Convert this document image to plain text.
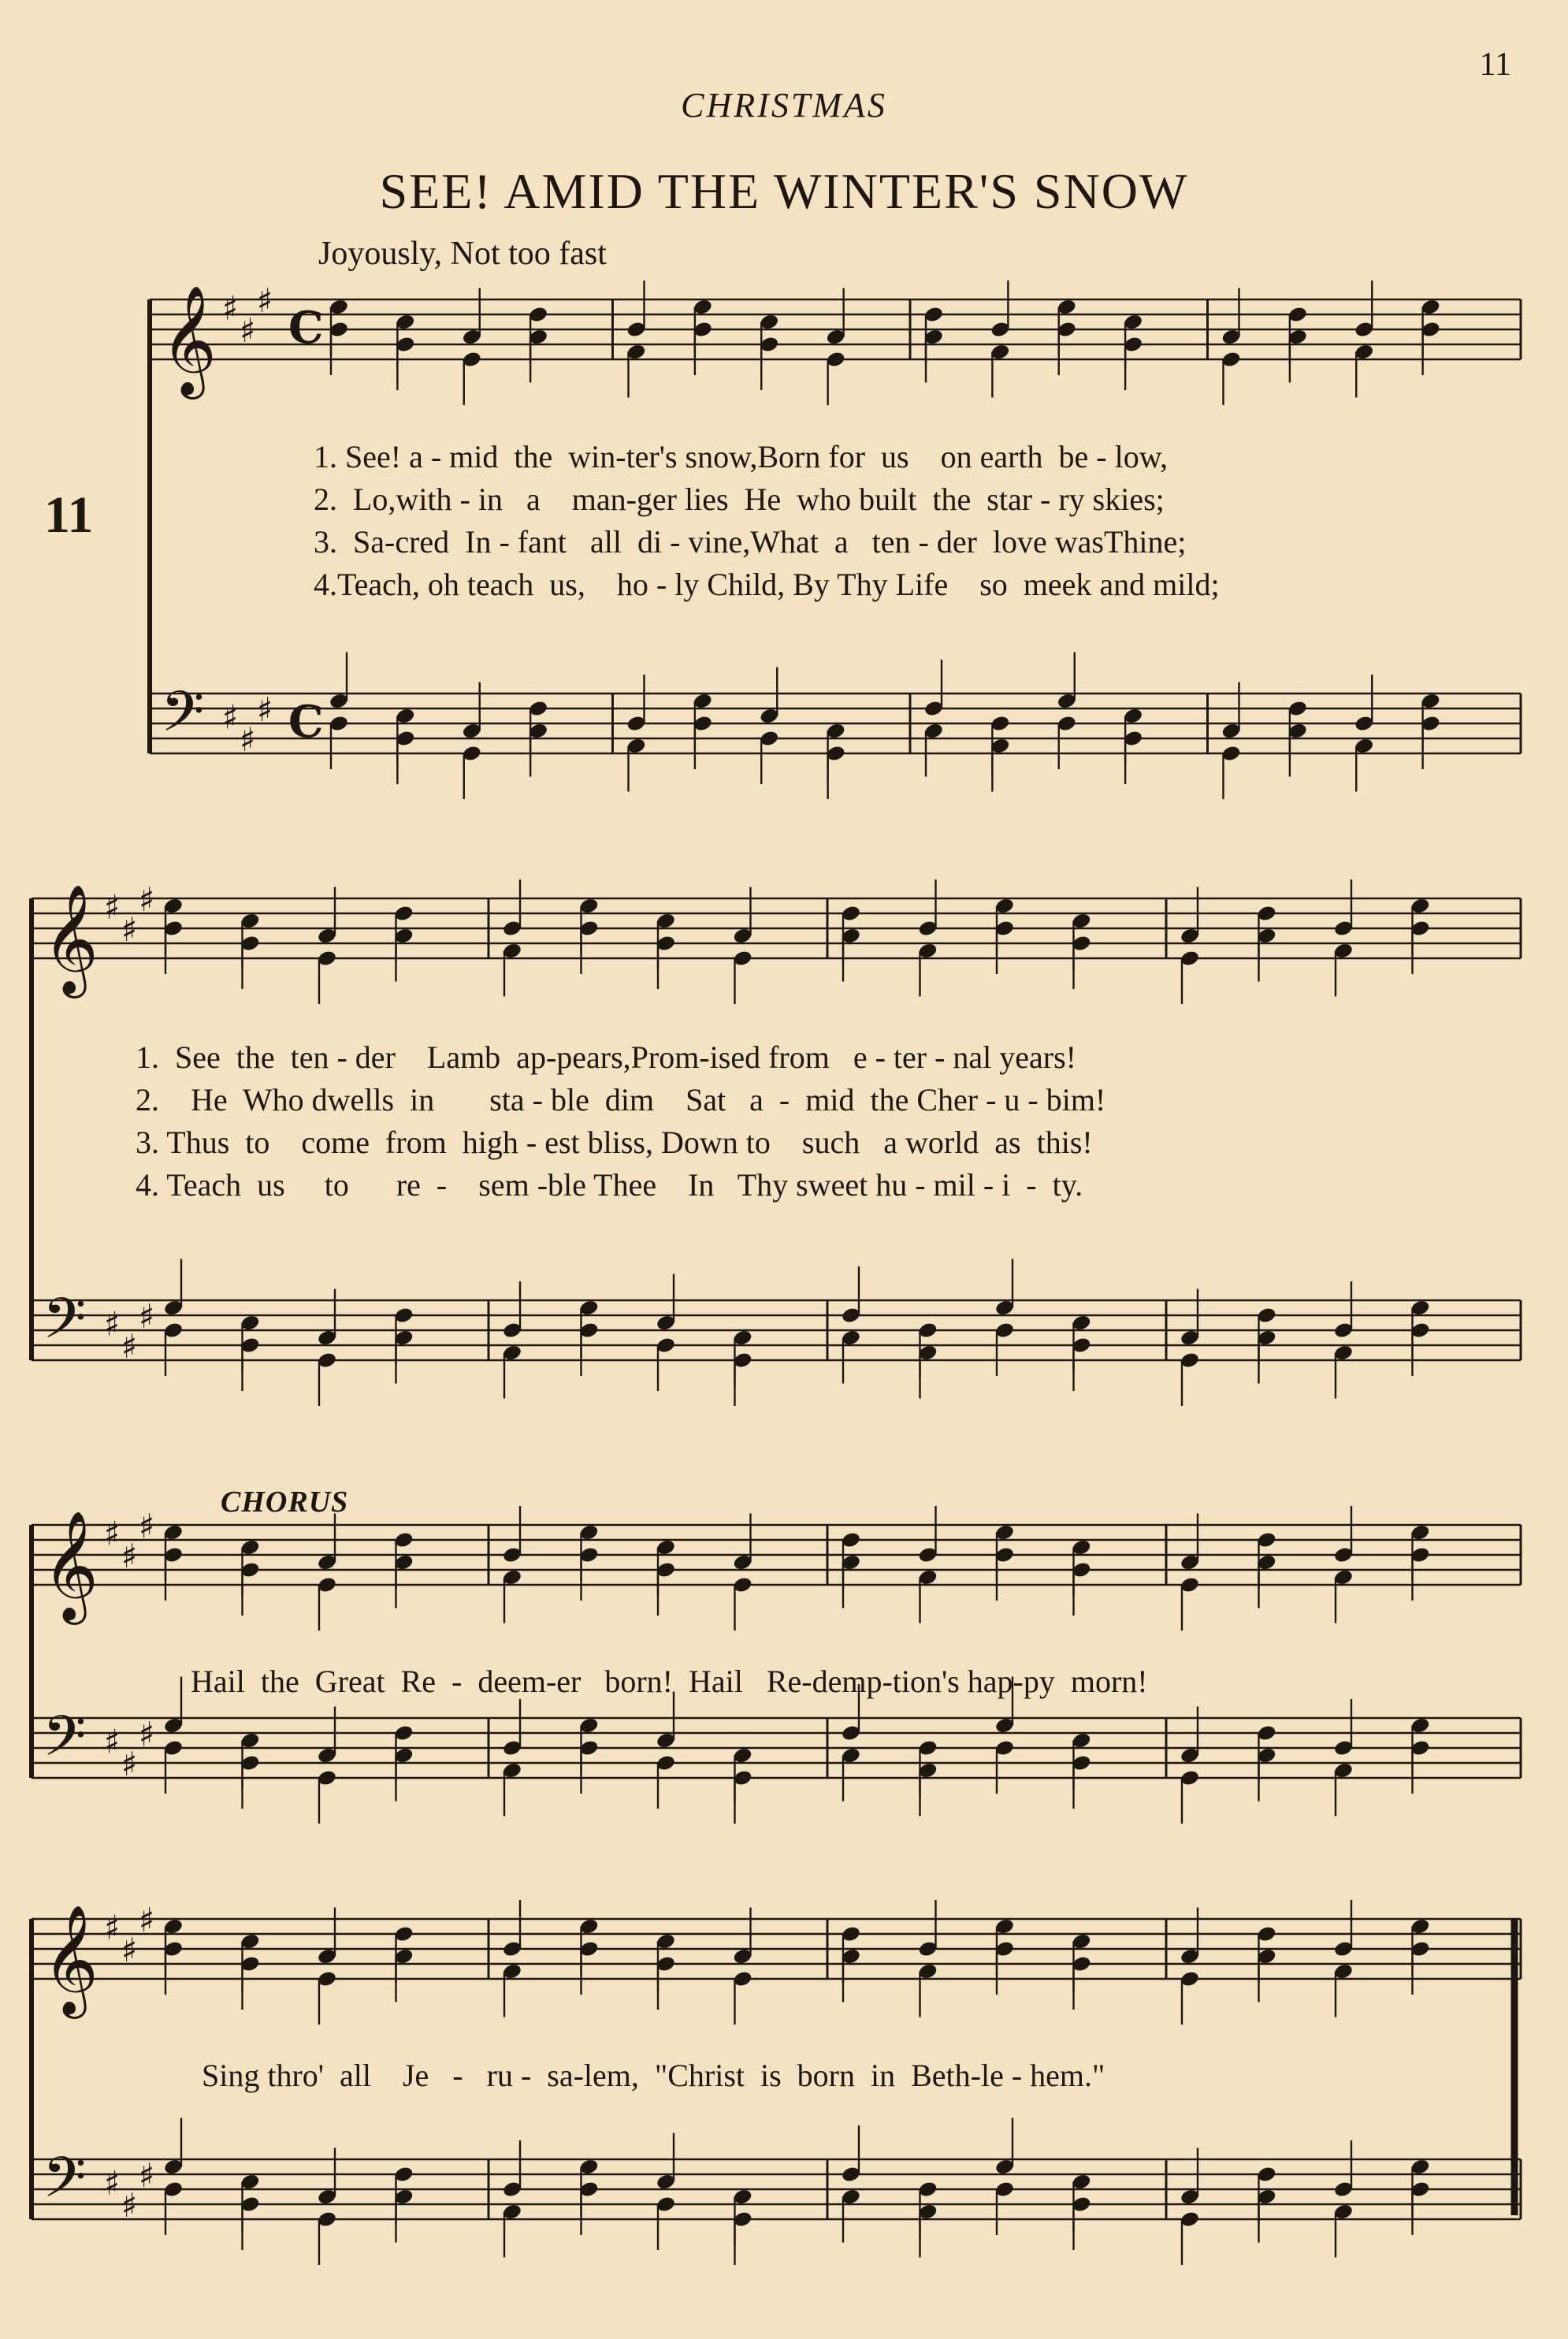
𝄞
𝄢
♯
♯
♯
♯
♯
♯
C
C
𝄞
𝄢
♯
♯
♯
♯
♯
♯
𝄞
𝄢
♯
♯
♯
♯
♯
♯
𝄞
𝄢
♯
♯
♯
♯
♯
♯
11
CHRISTMAS
SEE! AMID THE WINTER'S SNOW
Joyously, Not too fast
11
CHORUS
1. See! a - mid  the  win-ter's snow,Born for  us    on earth  be - low,
2.  Lo,with - in   a    man-ger lies  He  who built  the  star - ry skies;
3.  Sa-cred  In - fant   all  di - vine,What  a   ten - der  love wasThine;
4.Teach, oh teach  us,    ho - ly Child, By Thy Life    so  meek and mild;
1.  See  the  ten - der    Lamb  ap-pears,Prom-ised from   e - ter - nal years!
2.    He  Who dwells  in       sta - ble  dim    Sat   a  -  mid  the Cher - u - bim!
3. Thus  to    come  from  high - est bliss, Down to    such   a world  as  this!
4. Teach  us     to      re  -    sem -ble Thee    In   Thy sweet hu - mil - i  -  ty.
Hail  the  Great  Re  -  deem-er   born!  Hail   Re-demp-tion's hap-py  morn!
Sing thro'  all    Je   -   ru -  sa-lem,  "Christ  is  born  in  Beth-le - hem."
